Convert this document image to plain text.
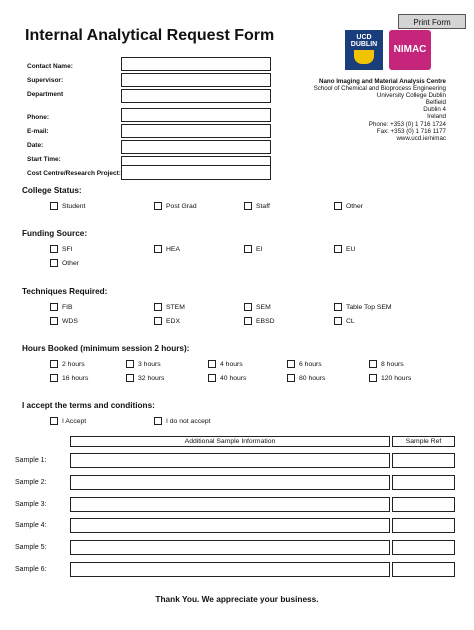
Print Form
Internal Analytical Request Form	UCD DUBLIN	NIMAC
Contact Name:
Supervisor:
Department
Phone:
E-mail:
Date:
Start Time:
Cost Centre/Research Project:
Nano Imaging and Material Analysis Centre
School of Chemical and Bioprocess Engineering
University College Dublin
Belfield
Dublin 4
Ireland
Phone: +353 (0) 1 716 1724
Fax: +353 (0) 1 716 1177
www.ucd.ie/nimac
College Status:
Student	Post Grad	Staff	Other
Funding Source:
SFI	HEA	EI	EU
Other
Techniques Required:
FIB	STEM	SEM	Table Top SEM
WDS	EDX	EBSD	CL
Hours Booked (minimum session 2 hours):
2 hours	3 hours	4 hours	6 hours	8 hours
16 hours	32 hours	40 hours	80 hours	120 hours
I accept the terms and conditions:
I Accept	I do not accept
Additional Sample Information	Sample Ref
Sample 1:
Sample 2:
Sample 3:
Sample 4:
Sample 5:
Sample 6:
Thank You. We appreciate your business.
